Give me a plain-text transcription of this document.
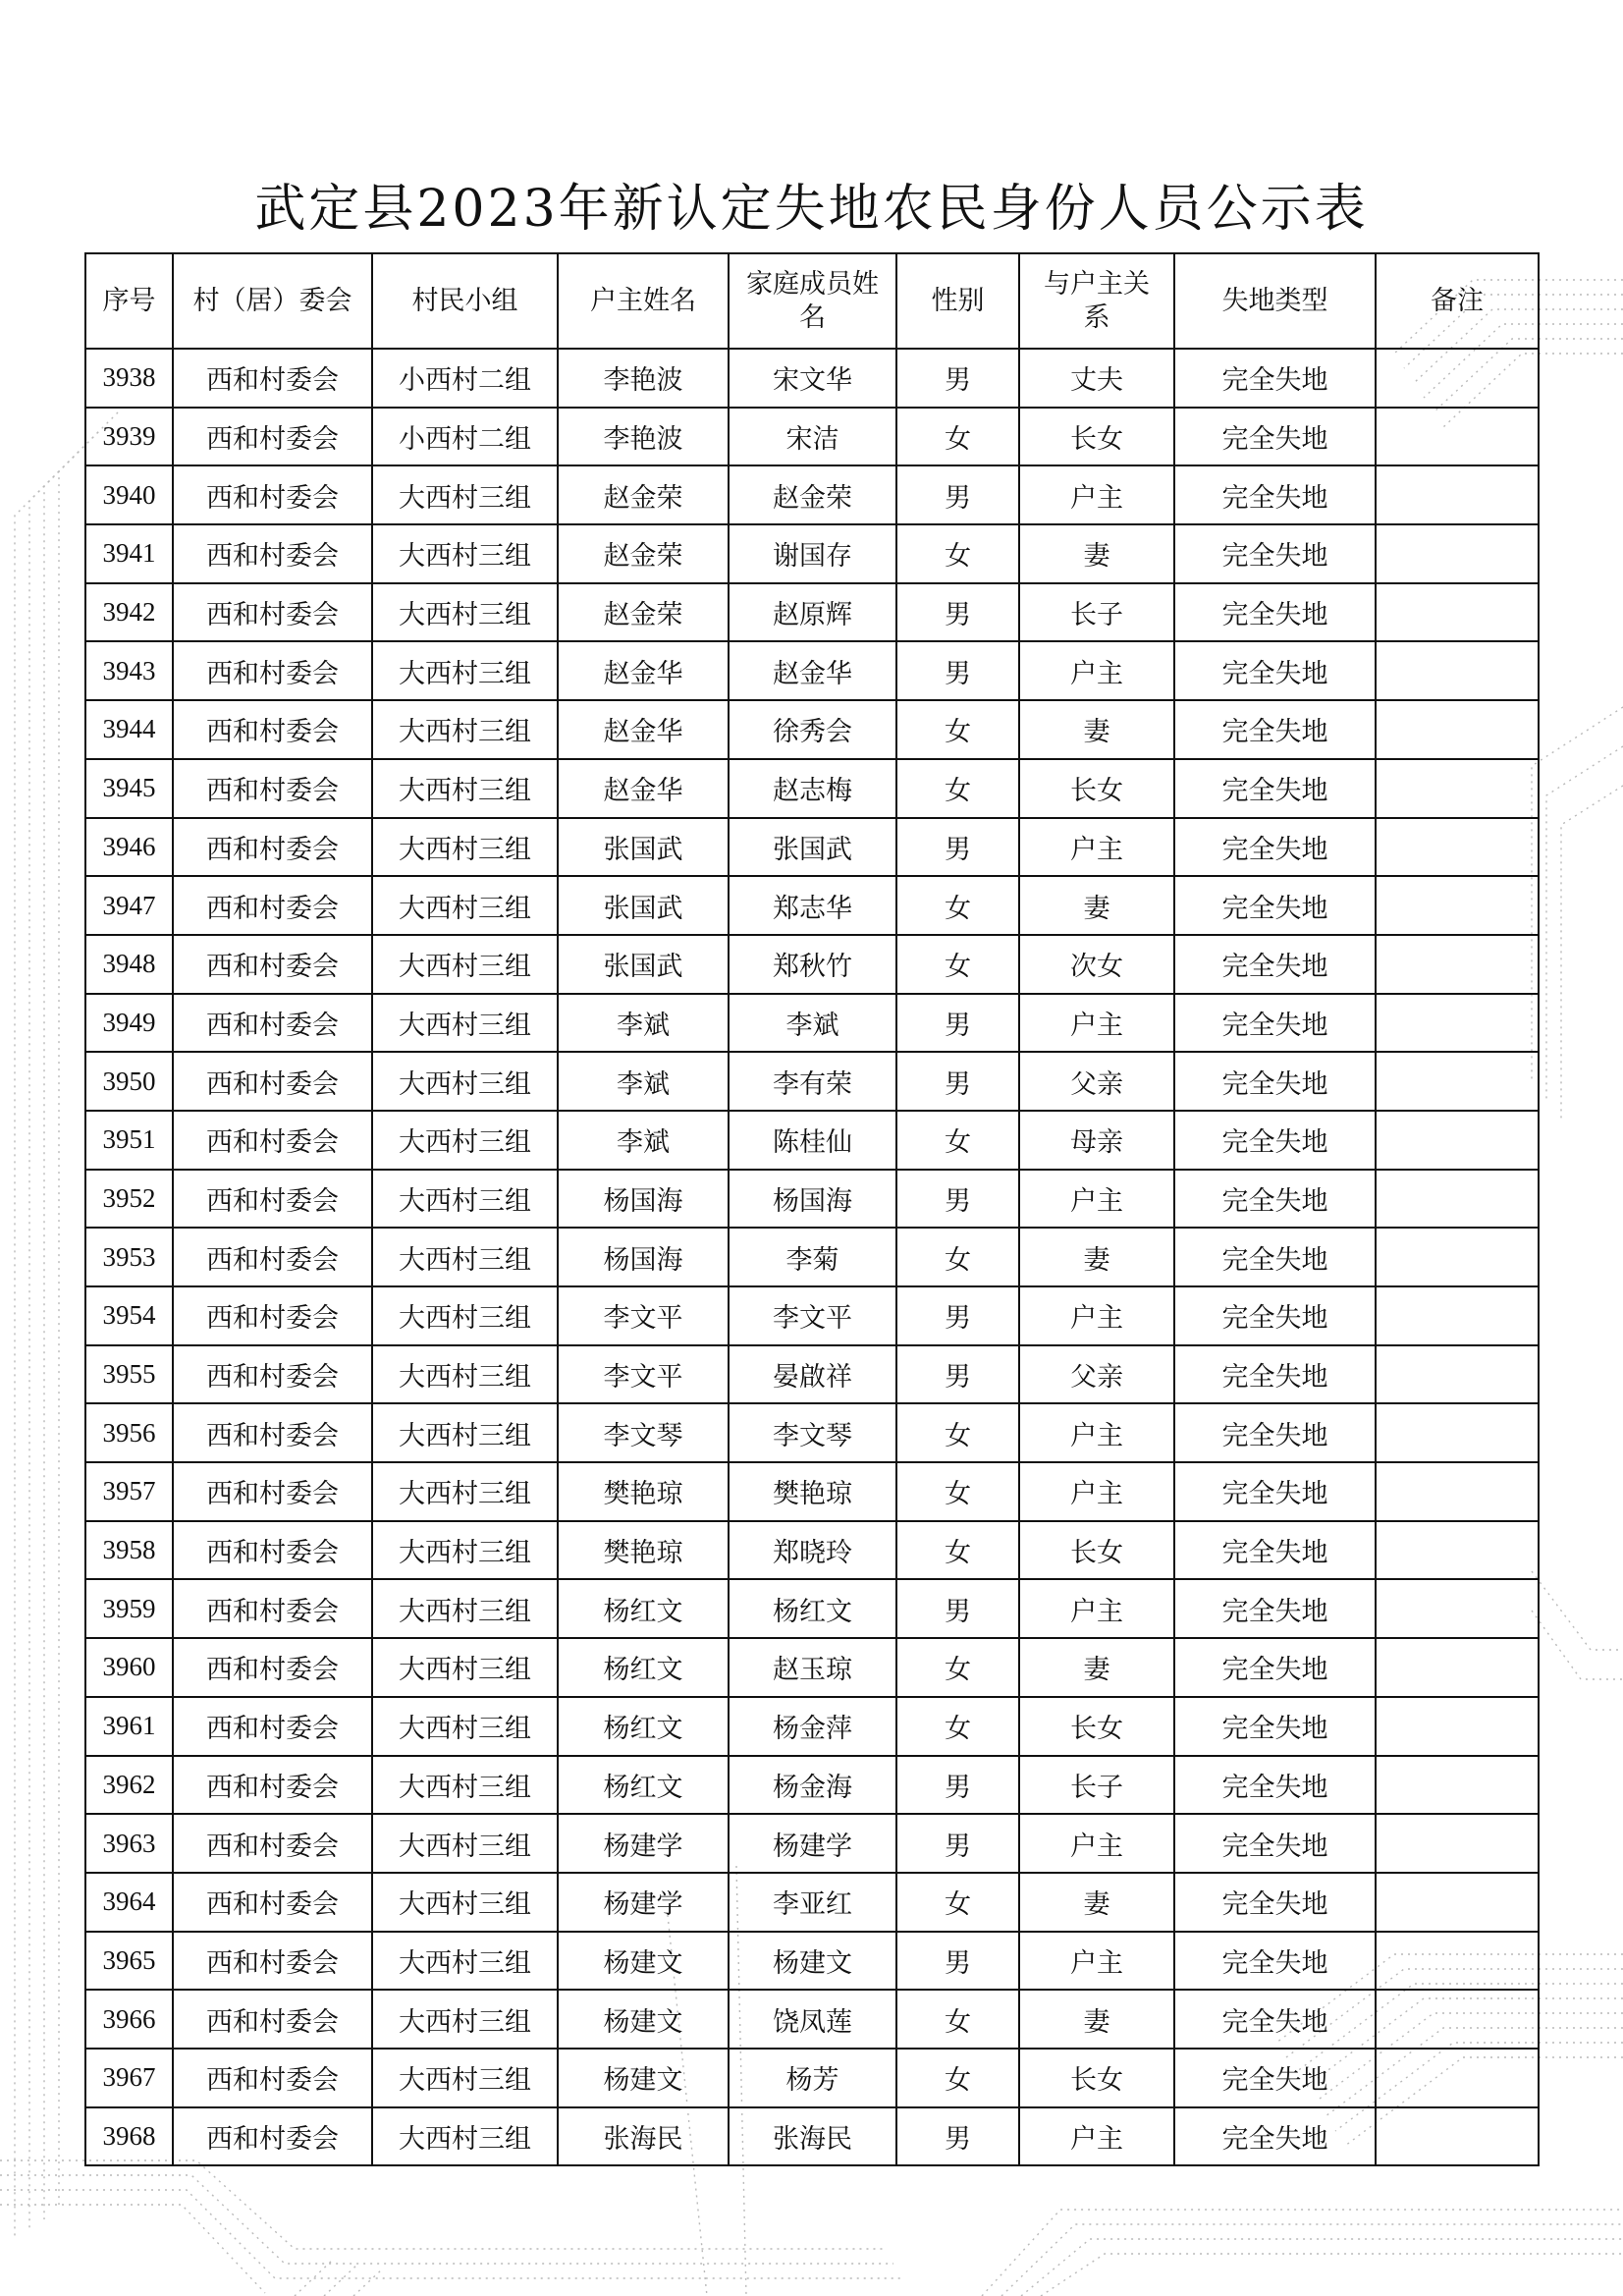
武定县2023年新认定失地农民身份人员公示表
序号	村（居）委会	村民小组	户主姓名	家庭成员姓名	性别	与户主关系	失地类型	备注
3938	西和村委会	小西村二组	李艳波	宋文华	男	丈夫	完全失地	
3939	西和村委会	小西村二组	李艳波	宋洁	女	长女	完全失地	
3940	西和村委会	大西村三组	赵金荣	赵金荣	男	户主	完全失地	
3941	西和村委会	大西村三组	赵金荣	谢国存	女	妻	完全失地	
3942	西和村委会	大西村三组	赵金荣	赵原辉	男	长子	完全失地	
3943	西和村委会	大西村三组	赵金华	赵金华	男	户主	完全失地	
3944	西和村委会	大西村三组	赵金华	徐秀会	女	妻	完全失地	
3945	西和村委会	大西村三组	赵金华	赵志梅	女	长女	完全失地	
3946	西和村委会	大西村三组	张国武	张国武	男	户主	完全失地	
3947	西和村委会	大西村三组	张国武	郑志华	女	妻	完全失地	
3948	西和村委会	大西村三组	张国武	郑秋竹	女	次女	完全失地	
3949	西和村委会	大西村三组	李斌	李斌	男	户主	完全失地	
3950	西和村委会	大西村三组	李斌	李有荣	男	父亲	完全失地	
3951	西和村委会	大西村三组	李斌	陈桂仙	女	母亲	完全失地	
3952	西和村委会	大西村三组	杨国海	杨国海	男	户主	完全失地	
3953	西和村委会	大西村三组	杨国海	李菊	女	妻	完全失地	
3954	西和村委会	大西村三组	李文平	李文平	男	户主	完全失地	
3955	西和村委会	大西村三组	李文平	晏啟祥	男	父亲	完全失地	
3956	西和村委会	大西村三组	李文琴	李文琴	女	户主	完全失地	
3957	西和村委会	大西村三组	樊艳琼	樊艳琼	女	户主	完全失地	
3958	西和村委会	大西村三组	樊艳琼	郑晓玲	女	长女	完全失地	
3959	西和村委会	大西村三组	杨红文	杨红文	男	户主	完全失地	
3960	西和村委会	大西村三组	杨红文	赵玉琼	女	妻	完全失地	
3961	西和村委会	大西村三组	杨红文	杨金萍	女	长女	完全失地	
3962	西和村委会	大西村三组	杨红文	杨金海	男	长子	完全失地	
3963	西和村委会	大西村三组	杨建学	杨建学	男	户主	完全失地	
3964	西和村委会	大西村三组	杨建学	李亚红	女	妻	完全失地	
3965	西和村委会	大西村三组	杨建文	杨建文	男	户主	完全失地	
3966	西和村委会	大西村三组	杨建文	饶凤莲	女	妻	完全失地	
3967	西和村委会	大西村三组	杨建文	杨芳	女	长女	完全失地	
3968	西和村委会	大西村三组	张海民	张海民	男	户主	完全失地	
